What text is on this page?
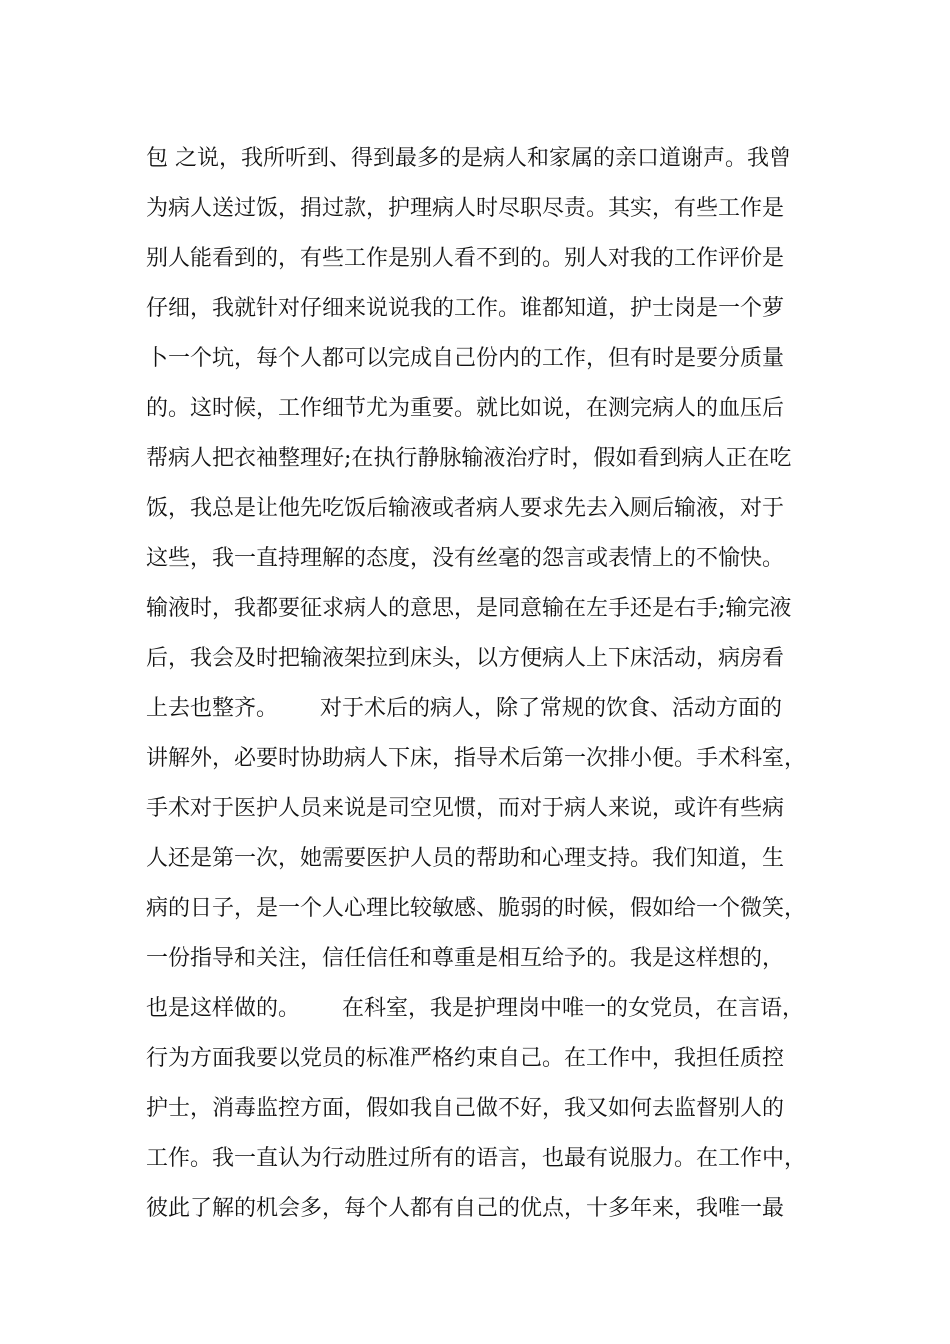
包 之说，我所听到、得到最多的是病人和家属的亲口道谢声。我曾
为病人送过饭，捐过款，护理病人时尽职尽责。其实，有些工作是
别人能看到的，有些工作是别人看不到的。别人对我的工作评价是
仔细，我就针对仔细来说说我的工作。谁都知道，护士岗是一个萝
卜一个坑，每个人都可以完成自己份内的工作，但有时是要分质量
的。这时候，工作细节尤为重要。就比如说，在测完病人的血压后
帮病人把衣袖整理好;在执行静脉输液治疗时，假如看到病人正在吃
饭，我总是让他先吃饭后输液或者病人要求先去入厕后输液，对于
这些，我一直持理解的态度，没有丝毫的怨言或表情上的不愉快。
输液时，我都要征求病人的意思，是同意输在左手还是右手;输完液
后，我会及时把输液架拉到床头，以方便病人上下床活动，病房看
上去也整齐。      对于术后的病人，除了常规的饮食、活动方面的
讲解外，必要时协助病人下床，指导术后第一次排小便。手术科室，
手术对于医护人员来说是司空见惯，而对于病人来说，或许有些病
人还是第一次，她需要医护人员的帮助和心理支持。我们知道，生
病的日子，是一个人心理比较敏感、脆弱的时候，假如给一个微笑，
一份指导和关注，信任信任和尊重是相互给予的。我是这样想的，
也是这样做的。      在科室，我是护理岗中唯一的女党员，在言语，
行为方面我要以党员的标准严格约束自己。在工作中，我担任质控
护士，消毒监控方面，假如我自己做不好，我又如何去监督别人的
工作。我一直认为行动胜过所有的语言，也最有说服力。在工作中，
彼此了解的机会多，每个人都有自己的优点，十多年来，我唯一最
